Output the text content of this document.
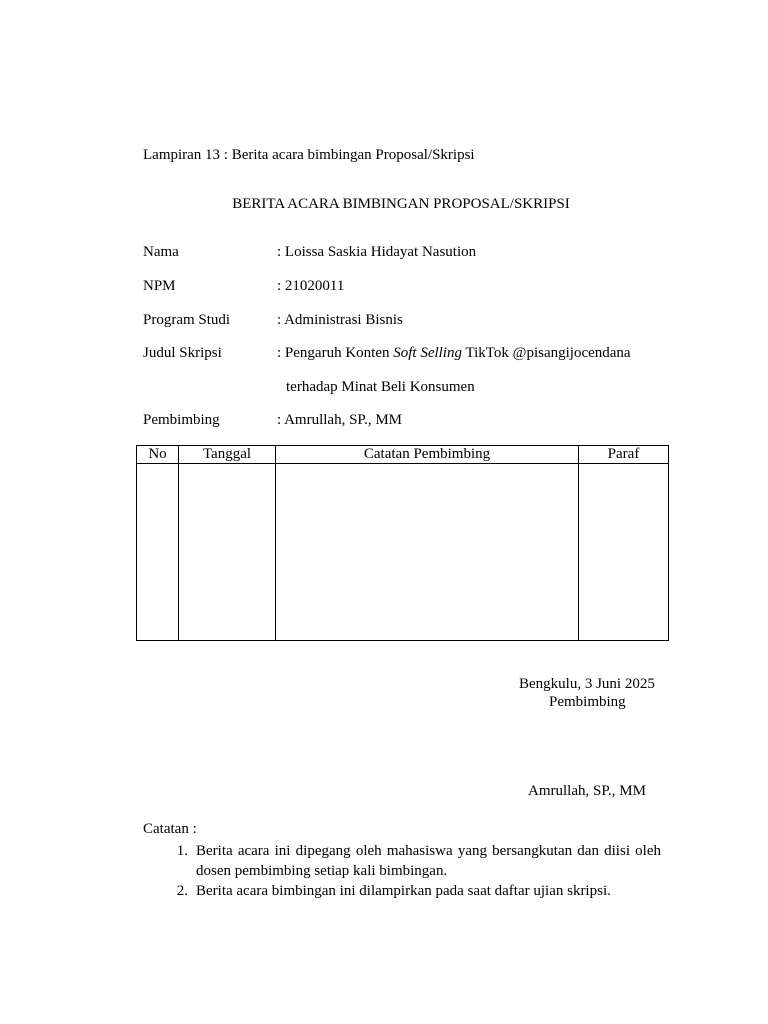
Lampiran 13 : Berita acara bimbingan Proposal/Skripsi
BERITA ACARA BIMBINGAN PROPOSAL/SKRIPSI
Nama	: Loissa Saskia Hidayat Nasution
NPM	: 21020011
Program Studi	: Administrasi Bisnis
Judul Skripsi	: Pengaruh Konten Soft Selling TikTok @pisangijocendana
terhadap Minat Beli Konsumen
Pembimbing	: Amrullah, SP., MM
No	Tanggal	Catatan Pembimbing	Paraf

Bengkulu, 3 Juni 2025
Pembimbing
Amrullah, SP., MM
Catatan :
1. Berita acara ini dipegang oleh mahasiswa yang bersangkutan dan diisi oleh
dosen pembimbing setiap kali bimbingan.
2. Berita acara bimbingan ini dilampirkan pada saat daftar ujian skripsi.
